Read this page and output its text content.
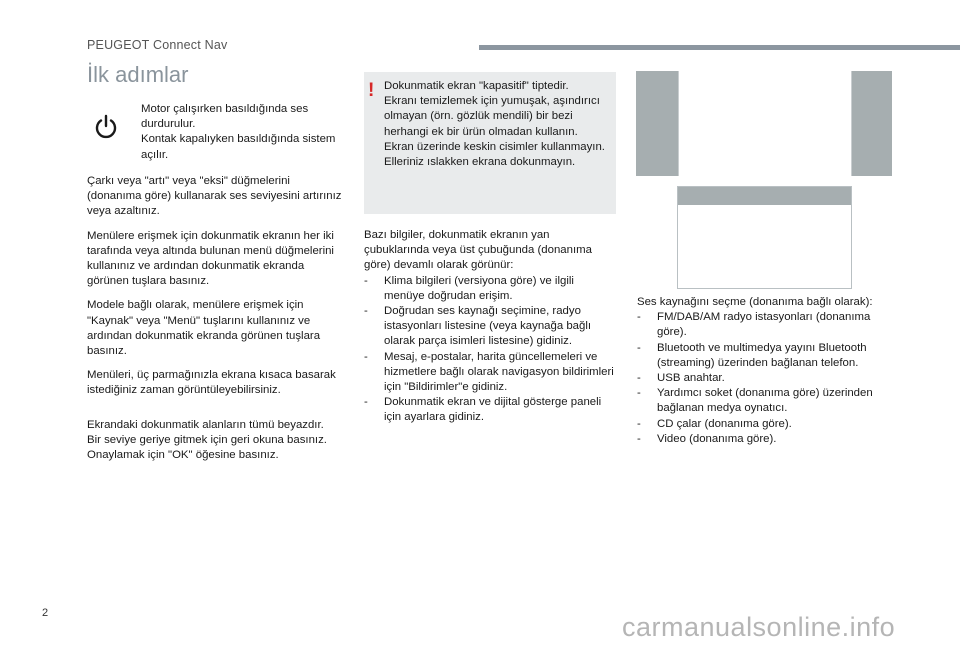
PEUGEOT Connect Nav
İlk adımlar

Motor çalışırken basıldığında ses durdurulur.

Kontak kapalıyken basıldığında sistem açılır.

Çarkı veya "artı" veya "eksi" düğmelerini (donanıma göre) kullanarak ses seviyesini artırınız veya azaltınız.

Menülere erişmek için dokunmatik ekranın her iki tarafında veya altında bulunan menü düğmelerini kullanınız ve ardından dokunmatik ekranda görünen tuşlara basınız.

Modele bağlı olarak, menülere erişmek için "Kaynak" veya "Menü" tuşlarını kullanınız ve ardından dokunmatik ekranda görünen tuşlara basınız.

Menüleri, üç parmağınızla ekrana kısaca basarak istediğiniz zaman görüntüleyebilirsiniz.

Ekrandaki dokunmatik alanların tümü beyazdır.

Bir seviye geriye gitmek için geri okuna basınız.

Onaylamak için "OK" öğesine basınız.

! Dokunmatik ekran "kapasitif" tiptedir.

Ekranı temizlemek için yumuşak, aşındırıcı olmayan (örn. gözlük mendili) bir bezi herhangi ek bir ürün olmadan kullanın.

Ekran üzerinde keskin cisimler kullanmayın.

Elleriniz ıslakken ekrana dokunmayın.

Bazı bilgiler, dokunmatik ekranın yan çubuklarında veya üst çubuğunda (donanıma göre) devamlı olarak görünür:

- Klima bilgileri (versiyona göre) ve ilgili menüye doğrudan erişim.
- Doğrudan ses kaynağı seçimine, radyo istasyonları listesine (veya kaynağa bağlı olarak parça isimleri listesine) gidiniz.
- Mesaj, e-postalar, harita güncellemeleri ve hizmetlere bağlı olarak navigasyon bildirimleri için "Bildirimler"e gidiniz.
- Dokunmatik ekran ve dijital gösterge paneli için ayarlara gidiniz.

Ses kaynağını seçme (donanıma bağlı olarak):

- FM/DAB/AM radyo istasyonları (donanıma göre).
- Bluetooth ve multimedya yayını Bluetooth (streaming) üzerinden bağlanan telefon.
- USB anahtar.
- Yardımcı soket (donanıma göre) üzerinden bağlanan medya oynatıcı.
- CD çalar (donanıma göre).
- Video (donanıma göre).
2	carmanualsonline.info
